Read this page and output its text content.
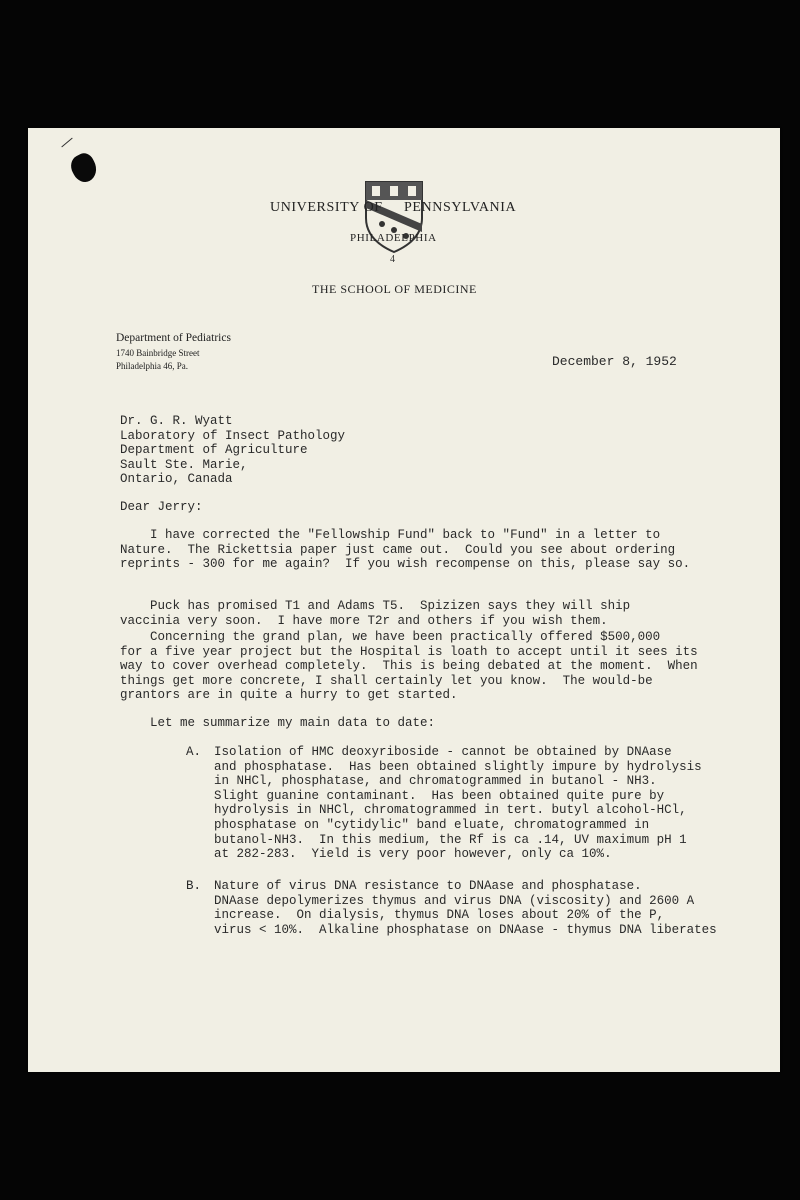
UNIVERSITY OF PENNSYLVANIA
PHILADELPHIA
4
THE SCHOOL OF MEDICINE
Department of Pediatrics
1740 Bainbridge Street
Philadelphia 46, Pa.	December 8, 1952
Dr. G. R. Wyatt
Laboratory of Insect Pathology
Department of Agriculture
Sault Ste. Marie,
Ontario, Canada
Dear Jerry:
I have corrected the "Fellowship Fund" back to "Fund" in a letter to
Nature.  The Rickettsia paper just came out.  Could you see about ordering
reprints - 300 for me again?  If you wish recompense on this, please say so.
Puck has promised T1 and Adams T5.  Spizizen says they will ship
vaccinia very soon.  I have more T2r and others if you wish them.
Concerning the grand plan, we have been practically offered $500,000
for a five year project but the Hospital is loath to accept until it sees its
way to cover overhead completely.  This is being debated at the moment.  When
things get more concrete, I shall certainly let you know.  The would-be
grantors are in quite a hurry to get started.
Let me summarize my main data to date:
A. Isolation of HMC deoxyriboside - cannot be obtained by DNAase
and phosphatase.  Has been obtained slightly impure by hydrolysis
in NHCl, phosphatase, and chromatogrammed in butanol - NH3.
Slight guanine contaminant.  Has been obtained quite pure by
hydrolysis in NHCl, chromatogrammed in tert. butyl alcohol-HCl,
phosphatase on "cytidylic" band eluate, chromatogrammed in
butanol-NH3.  In this medium, the Rf is ca .14, UV maximum pH 1
at 282-283.  Yield is very poor however, only ca 10%.
B. Nature of virus DNA resistance to DNAase and phosphatase.
DNAase depolymerizes thymus and virus DNA (viscosity) and 2600 A
increase.  On dialysis, thymus DNA loses about 20% of the P,
virus < 10%.  Alkaline phosphatase on DNAase - thymus DNA liberates
